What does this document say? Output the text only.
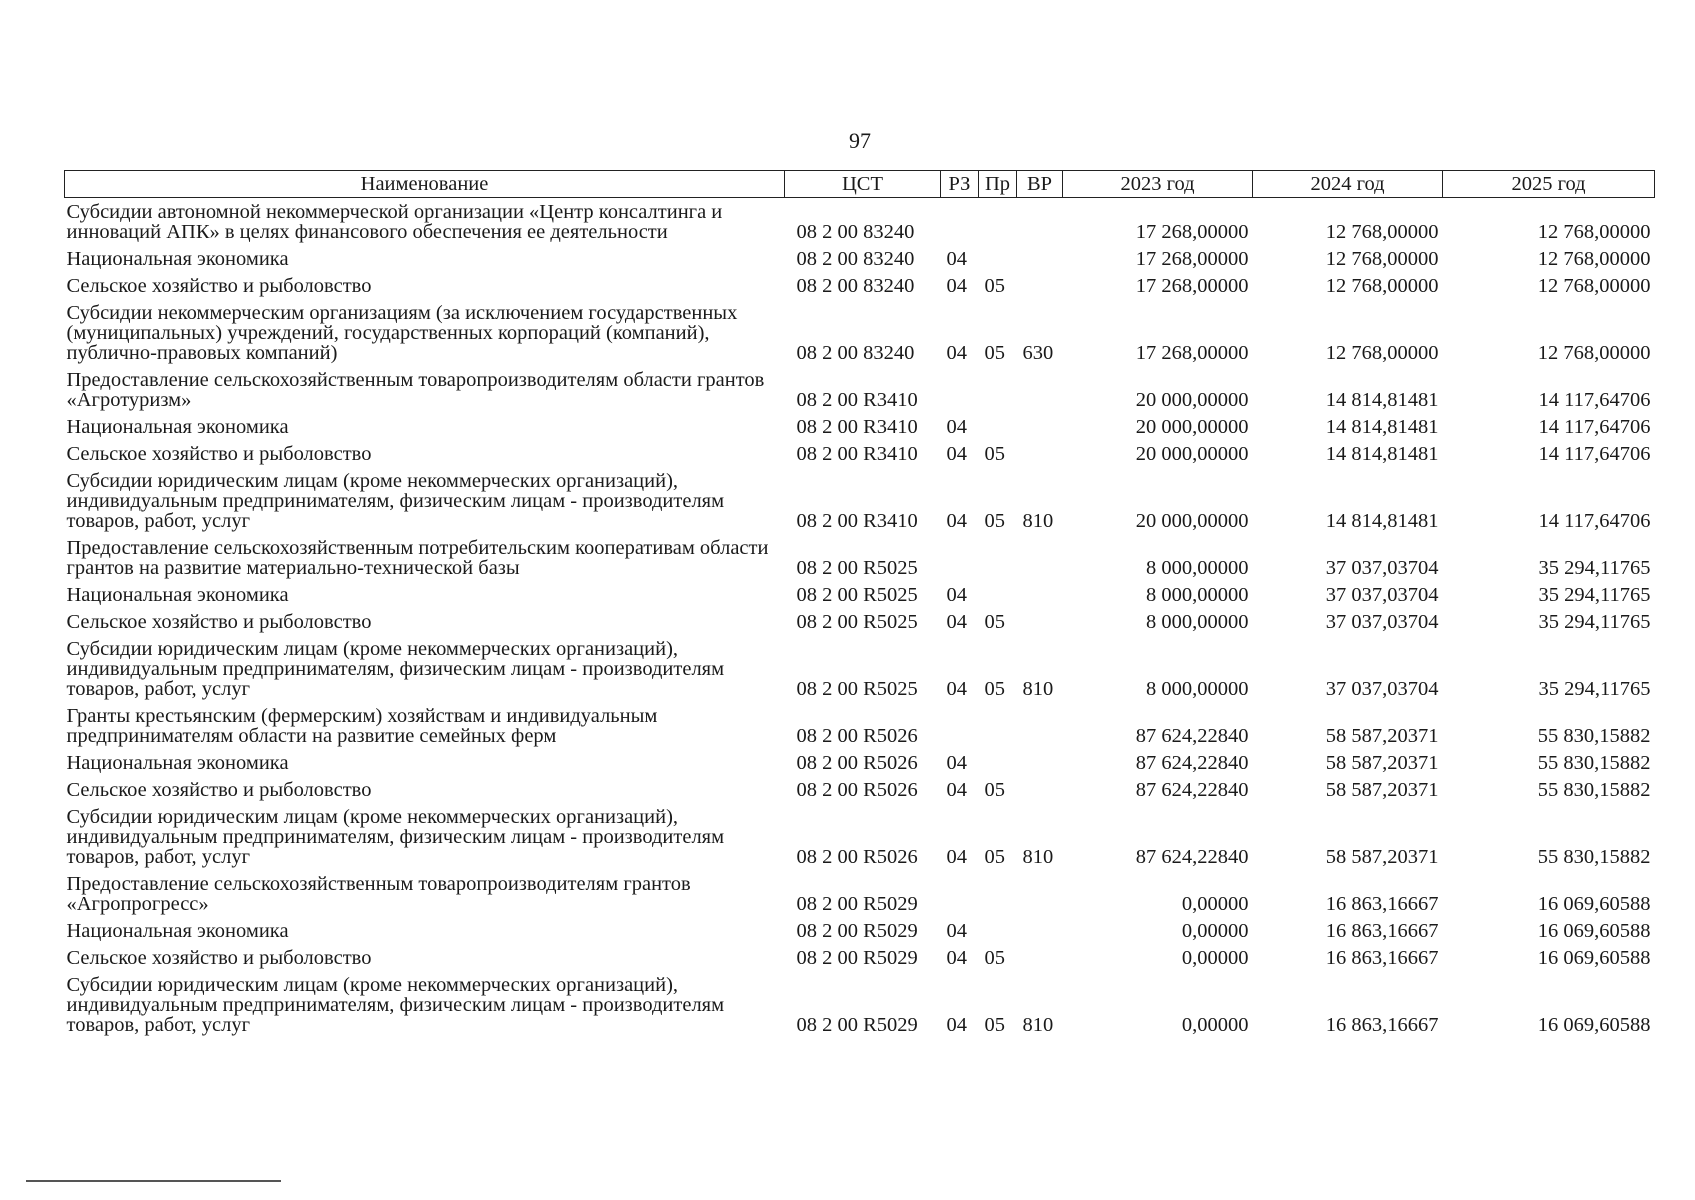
97
Наименование	ЦСТ	РЗ	Пр	ВР	2023 год	2024 год	2025 год
Субсидии автономной некоммерческой организации «Центр консалтинга и инноваций АПК» в целях финансового обеспечения ее деятельности	08 2 00 83240				17 268,00000	12 768,00000	12 768,00000
Национальная экономика	08 2 00 83240	04			17 268,00000	12 768,00000	12 768,00000
Сельское хозяйство и рыболовство	08 2 00 83240	04	05		17 268,00000	12 768,00000	12 768,00000
Субсидии некоммерческим организациям (за исключением государственных (муниципальных) учреждений, государственных корпораций (компаний), публично-правовых компаний)	08 2 00 83240	04	05	630	17 268,00000	12 768,00000	12 768,00000
Предоставление сельскохозяйственным товаропроизводителям области грантов «Агротуризм»	08 2 00 R3410				20 000,00000	14 814,81481	14 117,64706
Национальная экономика	08 2 00 R3410	04			20 000,00000	14 814,81481	14 117,64706
Сельское хозяйство и рыболовство	08 2 00 R3410	04	05		20 000,00000	14 814,81481	14 117,64706
Субсидии юридическим лицам (кроме некоммерческих организаций), индивидуальным предпринимателям, физическим лицам - производителям товаров, работ, услуг	08 2 00 R3410	04	05	810	20 000,00000	14 814,81481	14 117,64706
Предоставление сельскохозяйственным потребительским кооперативам области грантов на развитие материально-технической базы	08 2 00 R5025				8 000,00000	37 037,03704	35 294,11765
Национальная экономика	08 2 00 R5025	04			8 000,00000	37 037,03704	35 294,11765
Сельское хозяйство и рыболовство	08 2 00 R5025	04	05		8 000,00000	37 037,03704	35 294,11765
Субсидии юридическим лицам (кроме некоммерческих организаций), индивидуальным предпринимателям, физическим лицам - производителям товаров, работ, услуг	08 2 00 R5025	04	05	810	8 000,00000	37 037,03704	35 294,11765
Гранты крестьянским (фермерским) хозяйствам и индивидуальным предпринимателям области на развитие семейных ферм	08 2 00 R5026				87 624,22840	58 587,20371	55 830,15882
Национальная экономика	08 2 00 R5026	04			87 624,22840	58 587,20371	55 830,15882
Сельское хозяйство и рыболовство	08 2 00 R5026	04	05		87 624,22840	58 587,20371	55 830,15882
Субсидии юридическим лицам (кроме некоммерческих организаций), индивидуальным предпринимателям, физическим лицам - производителям товаров, работ, услуг	08 2 00 R5026	04	05	810	87 624,22840	58 587,20371	55 830,15882
Предоставление сельскохозяйственным товаропроизводителям грантов «Агропрогресс»	08 2 00 R5029				0,00000	16 863,16667	16 069,60588
Национальная экономика	08 2 00 R5029	04			0,00000	16 863,16667	16 069,60588
Сельское хозяйство и рыболовство	08 2 00 R5029	04	05		0,00000	16 863,16667	16 069,60588
Субсидии юридическим лицам (кроме некоммерческих организаций), индивидуальным предпринимателям, физическим лицам - производителям товаров, работ, услуг	08 2 00 R5029	04	05	810	0,00000	16 863,16667	16 069,60588
